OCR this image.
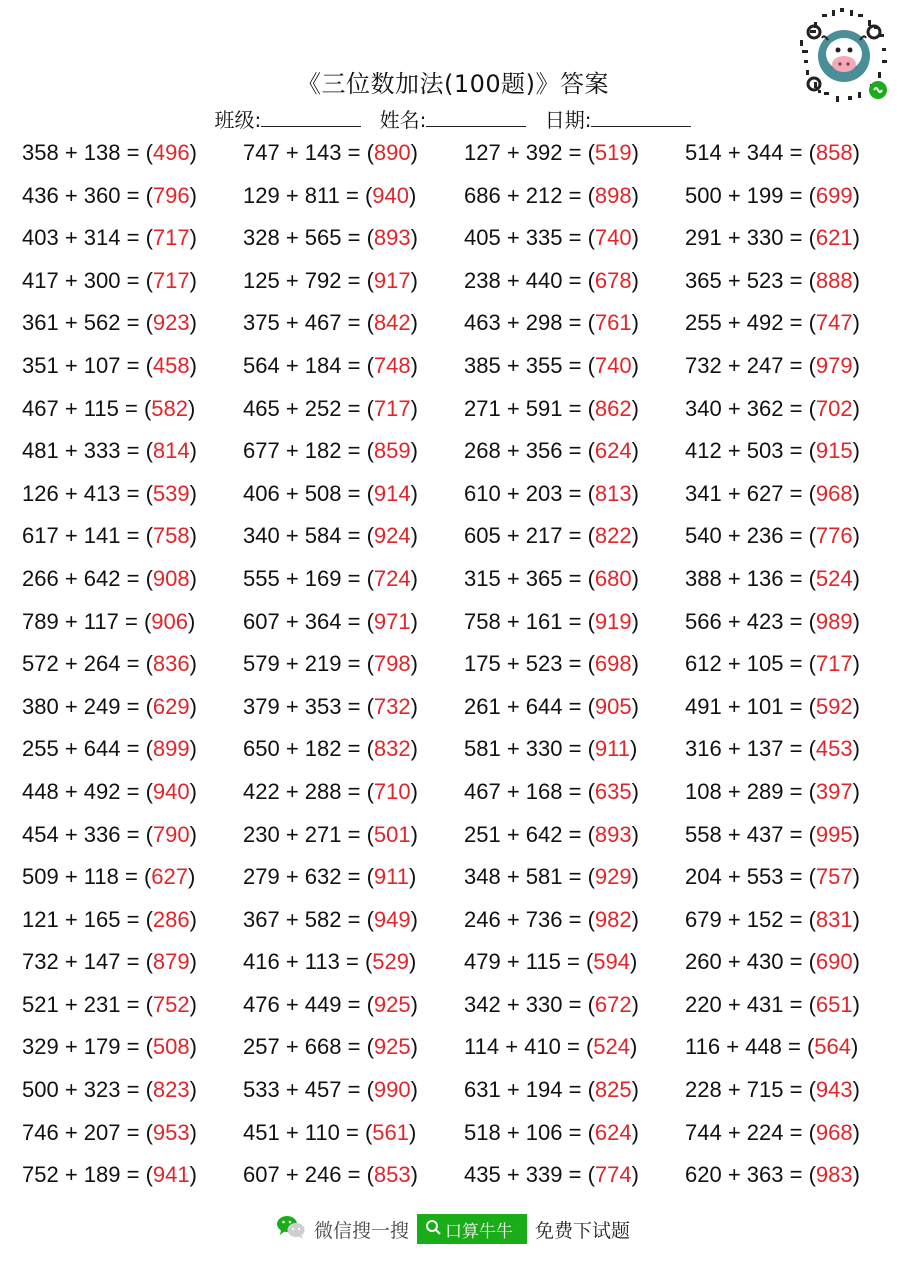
《三位数加法(100题)》答案
班级:	姓名:	日期:
358 + 138 = (496)	747 + 143 = (890)	127 + 392 = (519)	514 + 344 = (858)
436 + 360 = (796)	129 + 811 = (940)	686 + 212 = (898)	500 + 199 = (699)
403 + 314 = (717)	328 + 565 = (893)	405 + 335 = (740)	291 + 330 = (621)
417 + 300 = (717)	125 + 792 = (917)	238 + 440 = (678)	365 + 523 = (888)
361 + 562 = (923)	375 + 467 = (842)	463 + 298 = (761)	255 + 492 = (747)
351 + 107 = (458)	564 + 184 = (748)	385 + 355 = (740)	732 + 247 = (979)
467 + 115 = (582)	465 + 252 = (717)	271 + 591 = (862)	340 + 362 = (702)
481 + 333 = (814)	677 + 182 = (859)	268 + 356 = (624)	412 + 503 = (915)
126 + 413 = (539)	406 + 508 = (914)	610 + 203 = (813)	341 + 627 = (968)
617 + 141 = (758)	340 + 584 = (924)	605 + 217 = (822)	540 + 236 = (776)
266 + 642 = (908)	555 + 169 = (724)	315 + 365 = (680)	388 + 136 = (524)
789 + 117 = (906)	607 + 364 = (971)	758 + 161 = (919)	566 + 423 = (989)
572 + 264 = (836)	579 + 219 = (798)	175 + 523 = (698)	612 + 105 = (717)
380 + 249 = (629)	379 + 353 = (732)	261 + 644 = (905)	491 + 101 = (592)
255 + 644 = (899)	650 + 182 = (832)	581 + 330 = (911)	316 + 137 = (453)
448 + 492 = (940)	422 + 288 = (710)	467 + 168 = (635)	108 + 289 = (397)
454 + 336 = (790)	230 + 271 = (501)	251 + 642 = (893)	558 + 437 = (995)
509 + 118 = (627)	279 + 632 = (911)	348 + 581 = (929)	204 + 553 = (757)
121 + 165 = (286)	367 + 582 = (949)	246 + 736 = (982)	679 + 152 = (831)
732 + 147 = (879)	416 + 113 = (529)	479 + 115 = (594)	260 + 430 = (690)
521 + 231 = (752)	476 + 449 = (925)	342 + 330 = (672)	220 + 431 = (651)
329 + 179 = (508)	257 + 668 = (925)	114 + 410 = (524)	116 + 448 = (564)
500 + 323 = (823)	533 + 457 = (990)	631 + 194 = (825)	228 + 715 = (943)
746 + 207 = (953)	451 + 110 = (561)	518 + 106 = (624)	744 + 224 = (968)
752 + 189 = (941)	607 + 246 = (853)	435 + 339 = (774)	620 + 363 = (983)
微信搜一搜 口算牛牛 免费下试题
